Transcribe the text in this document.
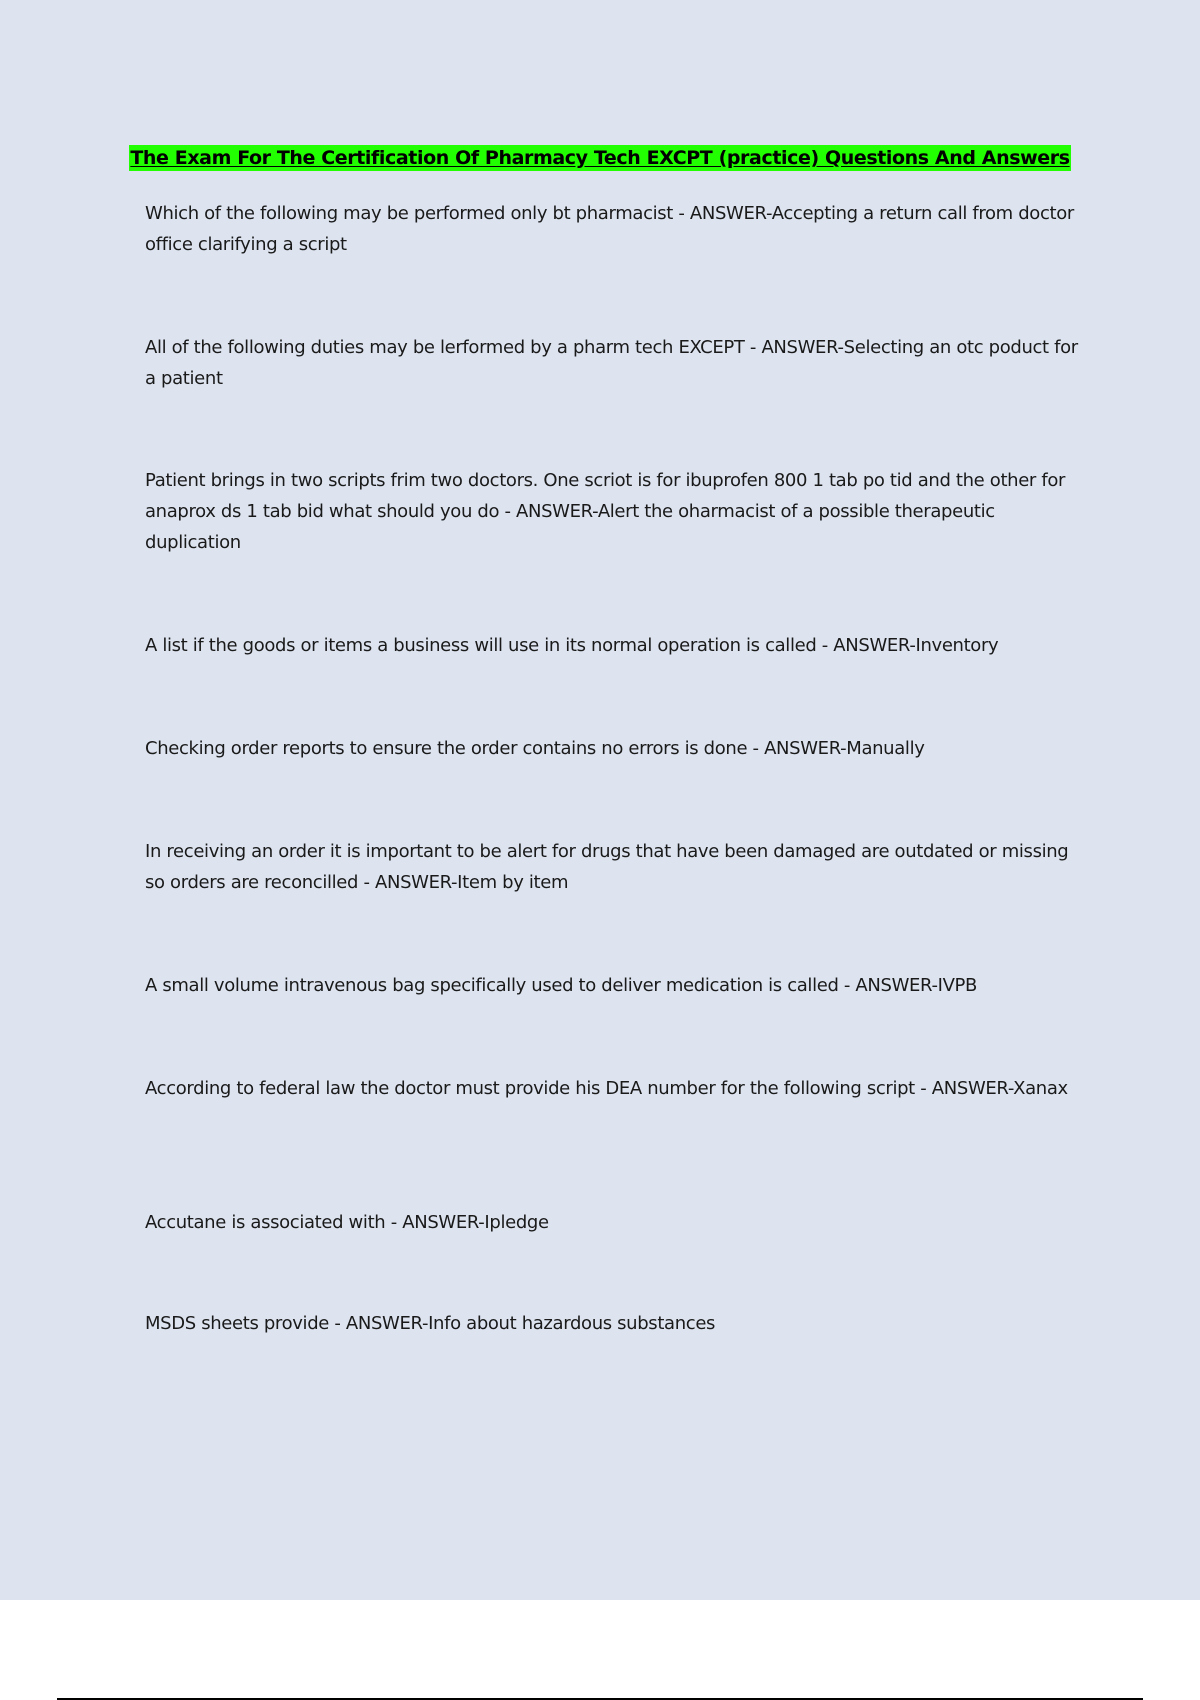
The Exam For The Certification Of Pharmacy Tech EXCPT (practice) Questions And Answers
Which of the following may be performed only bt pharmacist - ANSWER-Accepting a return call from doctor office clarifying a script
All of the following duties may be lerformed by a pharm tech EXCEPT - ANSWER-Selecting an otc poduct for a patient
Patient brings in two scripts frim two doctors. One scriot is for ibuprofen 800 1 tab po tid and the other for anaprox ds 1 tab bid what should you do - ANSWER-Alert the oharmacist of a possible therapeutic duplication
A list if the goods or items a business will use in its normal operation is called - ANSWER-Inventory
Checking order reports to ensure the order contains no errors is done - ANSWER-Manually
In receiving an order it is important to be alert for drugs that have been damaged are outdated or missing so orders are reconcilled - ANSWER-Item by item
A small volume intravenous bag specifically used to deliver medication is called - ANSWER-IVPB
According to federal law the doctor must provide his DEA number for the following script - ANSWER-Xanax
Accutane is associated with - ANSWER-Ipledge
MSDS sheets provide - ANSWER-Info about hazardous substances
